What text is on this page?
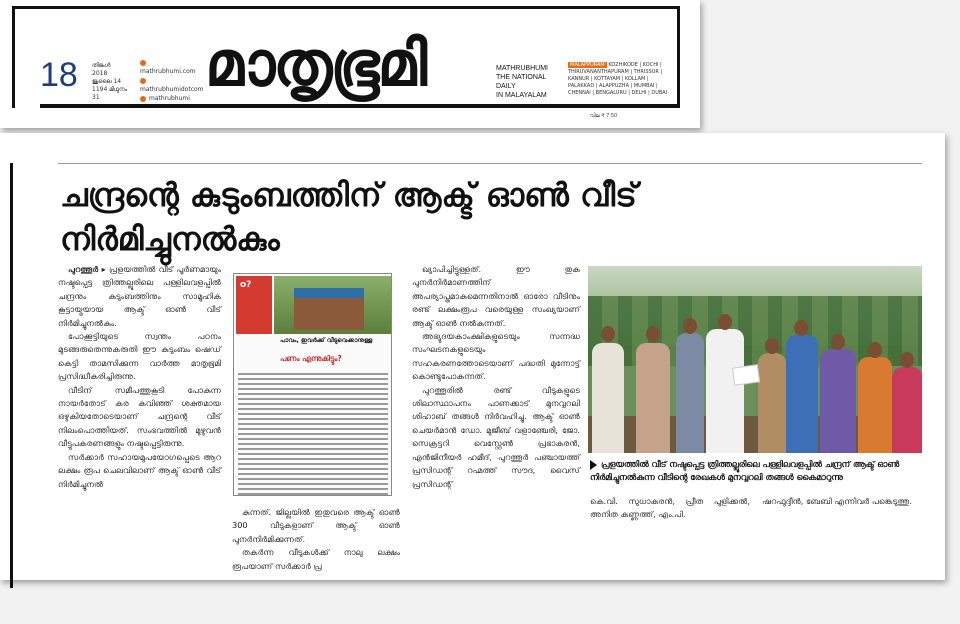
18 തിങ്കൾ
2018
ജൂലൈ 14
1194 മിഥുനം 31
mathrubhumi.com
mathrubhumidotcom
mathrubhumi മാതൃഭൂമി	MATHRUBHUMI
THE NATIONAL DAILY
IN MALAYALAM
MALAPPURAM KOZHIKODE | KOCHI | THIRUVANANTHAPURAM | THRISSUR | KANNUR | KOTTAYAM | KOLLAM | PALAKKAD | ALAPPUZHA | MUMBAI | CHENNAI | BENGALURU | DELHI | DUBAI
വില ₹ 7.50
ചന്ദ്രന്റെ കുടുംബത്തിന് ആക്ട് ഓൺ വീട് നിർമിച്ചുനൽകും

പുറത്തൂർ ▸ പ്രളയത്തിൽ വീട് പൂർണമായും നഷ്ടപ്പെട്ട ത്രിത്തല്ലൂരിലെ പള്ളിലവളപ്പിൽ ചന്ദ്രനും കുടുംബത്തിനും സാമൂഹിക കൂട്ടായ്മയായ ആക്ട് ഓൺ വീട് നിർമിച്ചുനൽകും.

പോക്കൂട്ടിയുടെ സ്വന്തം പഠനം മുടങ്ങരുതെന്നുകരുതി ഈ കുടുംബം ഷെഡ് കെട്ടി താമസിക്കുന്ന വാർത്ത മാതൃഭൂമി പ്രസിദ്ധീകരിച്ചിരുന്നു.

വീടിന് സമീപത്തുകൂടി പോകുന്ന നായർതോട് കര കവിഞ്ഞ് ശക്തമായ ഒഴുകിയതോടെയാണ് ചന്ദ്രന്റെ വീട് നിലംപൊത്തിയത്. സംഭവത്തിൽ മുഴുവൻ വീട്ടുപകരണങ്ങളും നഷ്ടപ്പെട്ടിരുന്നു.

സർക്കാർ സഹായമുപയോഗപ്പെടെ ആറ ലക്ഷം രൂപ ചെലവിലാണ് ആക്ട് ഓൺ വീട് നിർമിച്ചുനൽ

o?
പാവം, ഇവർക്ക് വീടുവെക്കാനുള്ള
പണം എന്നുകിട്ടും?

കുന്നത്. ജില്ലയിൽ ഇതുവരെ ആക്ട് ഓൺ 300 വീടുകളാണ് ആക്ട് ഓൺ പുനർനിർമിക്കുന്നത്.

തകർന്ന വീടുകൾക്ക് നാലു ലക്ഷം രൂപയാണ് സർക്കാർ പ്ര

ഖ്യാപിച്ചിട്ടുള്ളത്. ഈ തുക പുനർനിർമാണത്തിന് അപര്യാപ്തമാകുമെന്നതിനാൽ ഓരോ വീടിനും രണ്ട് ലക്ഷംരൂപ വരെയുള്ള സംഖ്യയാണ് ആക്ട് ഓൺ നൽകുന്നത്.

അഭ്യുദയകാംക്ഷികളുടെയും സന്നദ്ധ സംഘടനകളുടെയും സഹകരണത്തോടെയാണ് പദ്ധതി മുന്നോട്ട് കൊണ്ടുപോകുന്നത്.

പുറത്തൂരിൽ രണ്ട് വീടുകളുടെ ശിലാസ്ഥാപനം പാണക്കാട് മുനവ്വറലി ശിഹാബ് തങ്ങൾ നിർവഹിച്ചു. ആക്ട് ഓൺ ചെയർമാൻ ഡോ. മുജീബ് വളാഞ്ചേരി, ജോ. സെക്രട്ടറി വെസ്റ്റേൺ പ്രഭാകരൻ, എൻജിനീയർ ഹമീദ്, പുറത്തൂർ പഞ്ചായത്ത് പ്രസിഡന്റ് റഹ്മത്ത് സൗദ, വൈസ് പ്രസിഡന്റ്

പ്രളയത്തിൽ വീട് നഷ്ടപ്പെട്ട ത്രിത്തല്ലൂരിലെ പള്ളിലവളപ്പിൽ ചന്ദ്രന് ആക്ട് ഓൺ നിർമിച്ചുനൽകുന്ന വീടിന്റെ രേഖകൾ മുനവ്വറലി തങ്ങൾ കൈമാറുന്നു
കെ.വി. സുധാകരൻ, പ്രീത പുളിക്കൽ, അനിത കണ്ണത്ത്, എം.പി.
ഷറഫുദ്ദീൻ, ബേബി എന്നിവർ പങ്കെടുത്തു.
